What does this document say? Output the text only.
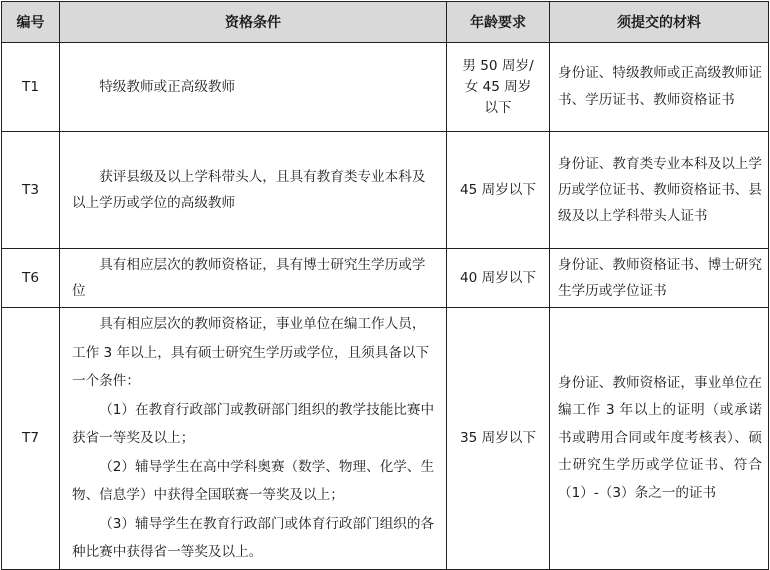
编号	资格条件	年龄要求	须提交的材料
T1	特级教师或正高级教师	男 50 周岁/
女 45 周岁
以下	身份证、特级教师或正高级教师证书、学历证书、教师资格证书
T3	获评县级及以上学科带头人，且具有教育类专业本科及以上学历或学位的高级教师	45 周岁以下	身份证、教育类专业本科及以上学历或学位证书、教师资格证书、县级及以上学科带头人证书
T6	具有相应层次的教师资格证，具有博士研究生学历或学位	40 周岁以下	身份证、教师资格证书、博士研究生学历或学位证书
T7	具有相应层次的教师资格证，事业单位在编工作人员，工作 3 年以上，具有硕士研究生学历或学位，且须具备以下一个条件：
（1）在教育行政部门或教研部门组织的教学技能比赛中获省一等奖及以上；
（2）辅导学生在高中学科奥赛（数学、物理、化学、生物、信息学）中获得全国联赛一等奖及以上；
（3）辅导学生在教育行政部门或体育行政部门组织的各种比赛中获得省一等奖及以上。	35 周岁以下	身份证、教师资格证，事业单位在编工作 3 年以上的证明（或承诺书或聘用合同或年度考核表）、硕士研究生学历或学位证书、符合（1）-（3）条之一的证书
